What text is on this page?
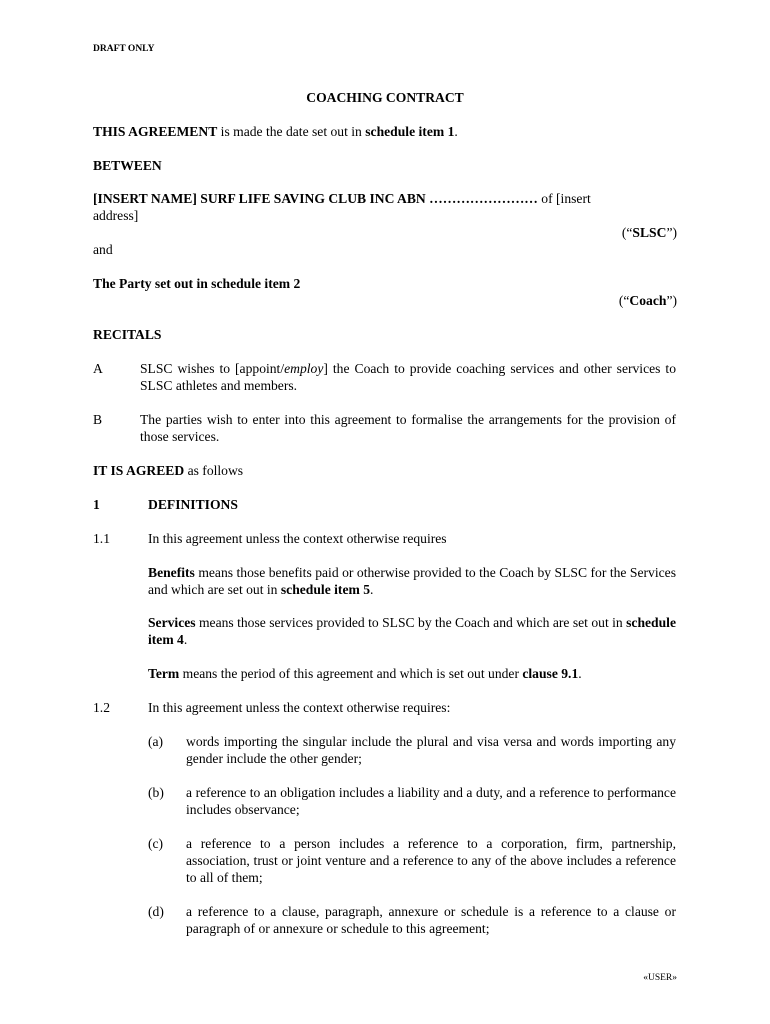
DRAFT ONLY
COACHING CONTRACT
THIS AGREEMENT is made the date set out in schedule item 1.
BETWEEN
[INSERT NAME] SURF LIFE SAVING CLUB INC ABN …………………… of [insert
address]
(“SLSC”)
and
The Party set out in schedule item 2
(“Coach”)
RECITALS
A	SLSC wishes to [appoint/employ] the Coach to provide coaching services and other services to SLSC athletes and members.
B	The parties wish to enter into this agreement to formalise the arrangements for the provision of those services.
IT IS AGREED as follows
1	DEFINITIONS
1.1	In this agreement unless the context otherwise requires
Benefits means those benefits paid or otherwise provided to the Coach by SLSC for the Services and which are set out in schedule item 5.
Services means those services provided to SLSC by the Coach and which are set out in schedule item 4.
Term means the period of this agreement and which is set out under clause 9.1.
1.2	In this agreement unless the context otherwise requires:
(a) words importing the singular include the plural and visa versa and words importing any gender include the other gender;
(b) a reference to an obligation includes a liability and a duty, and a reference to performance includes observance;
(c) a reference to a person includes a reference to a corporation, firm, partnership, association, trust or joint venture and a reference to any of the above includes a reference to all of them;
(d) a reference to a clause, paragraph, annexure or schedule is a reference to a clause or paragraph of or annexure or schedule to this agreement;
«USER»
